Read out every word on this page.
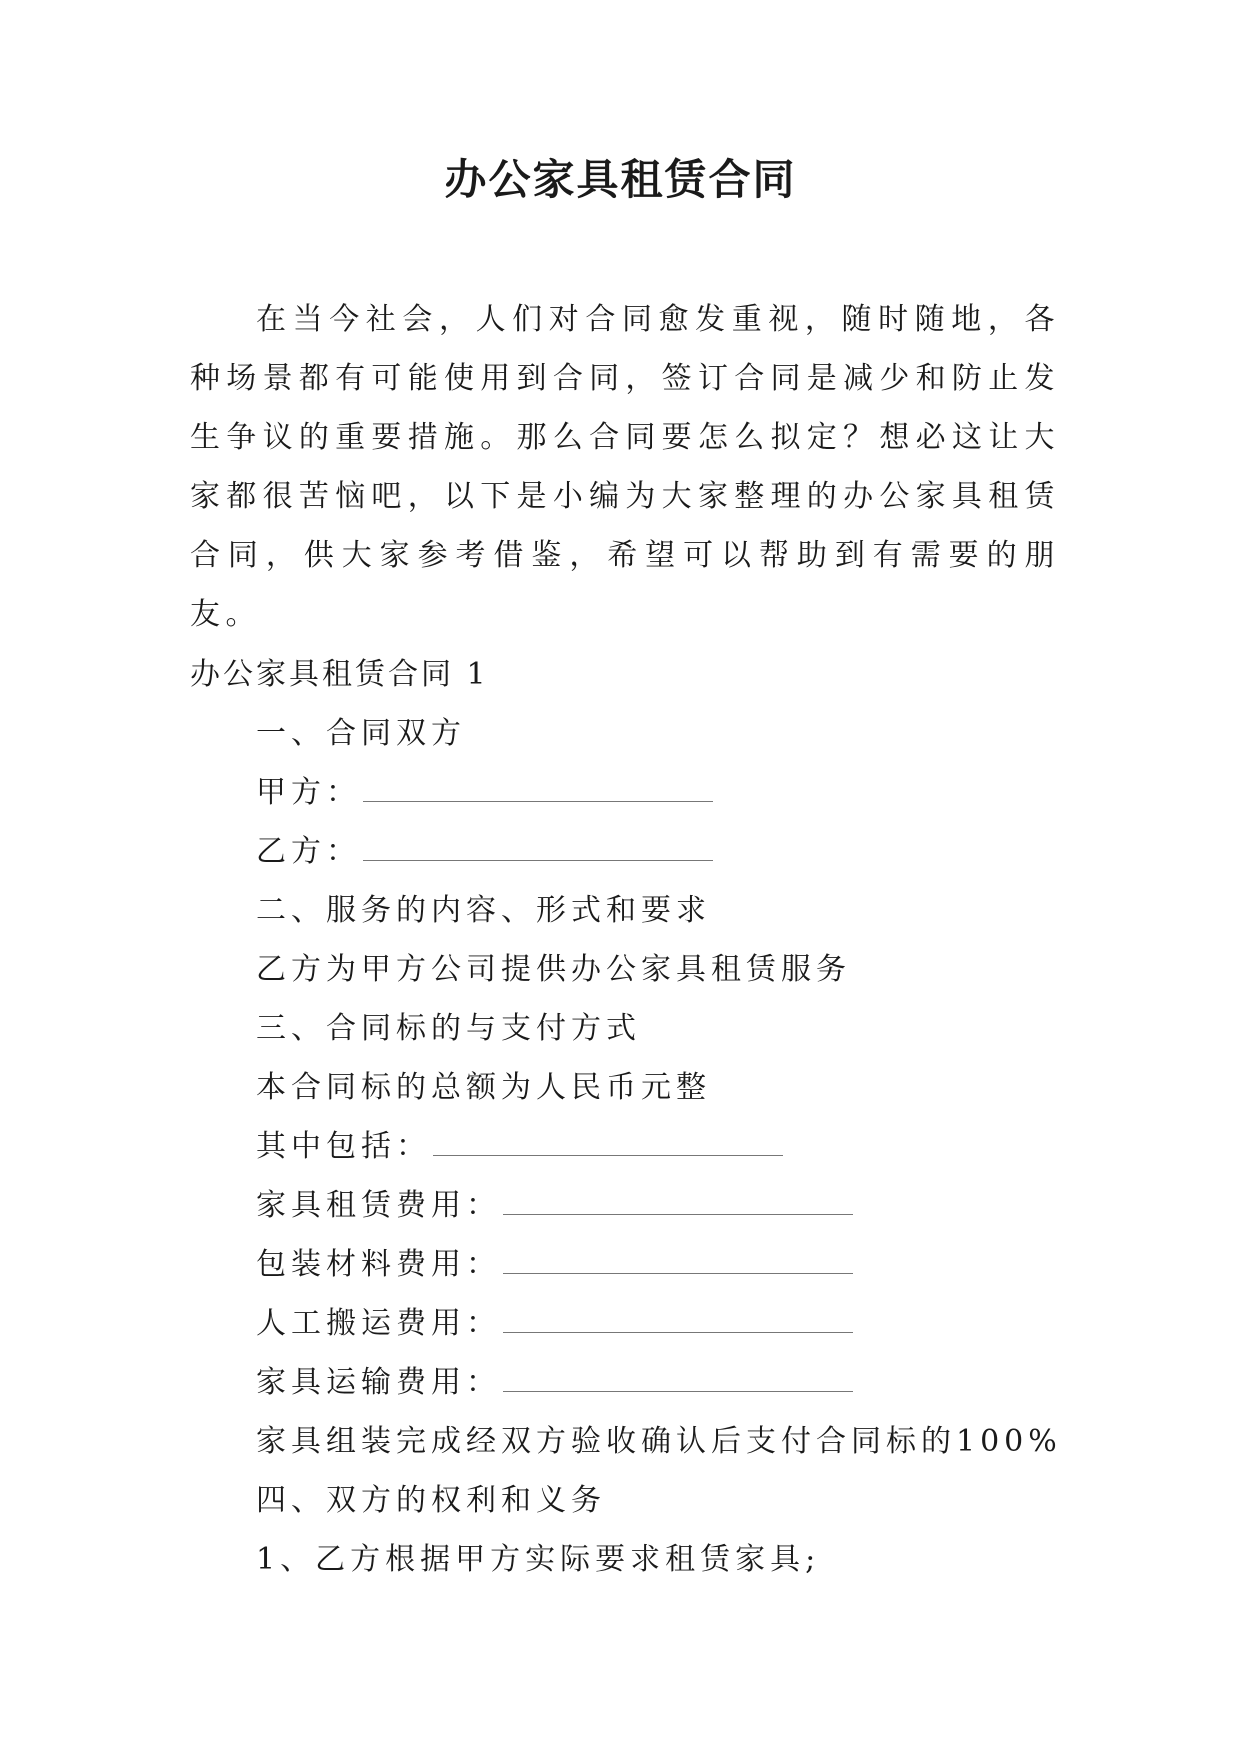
办公家具租赁合同

在当今社会，人们对合同愈发重视，随时随地，各种场景都有可能使用到合同，签订合同是减少和防止发生争议的重要措施。那么合同要怎么拟定？想必这让大家都很苦恼吧，以下是小编为大家整理的办公家具租赁合同，供大家参考借鉴，希望可以帮助到有需要的朋友。

办公家具租赁合同 1
一、合同双方
甲方：
乙方：
二、服务的内容、形式和要求
乙方为甲方公司提供办公家具租赁服务
三、合同标的与支付方式
本合同标的总额为人民币元整
其中包括：
家具租赁费用：
包装材料费用：
人工搬运费用：
家具运输费用：
家具组装完成经双方验收确认后支付合同标的100%
四、双方的权利和义务
1、乙方根据甲方实际要求租赁家具;
